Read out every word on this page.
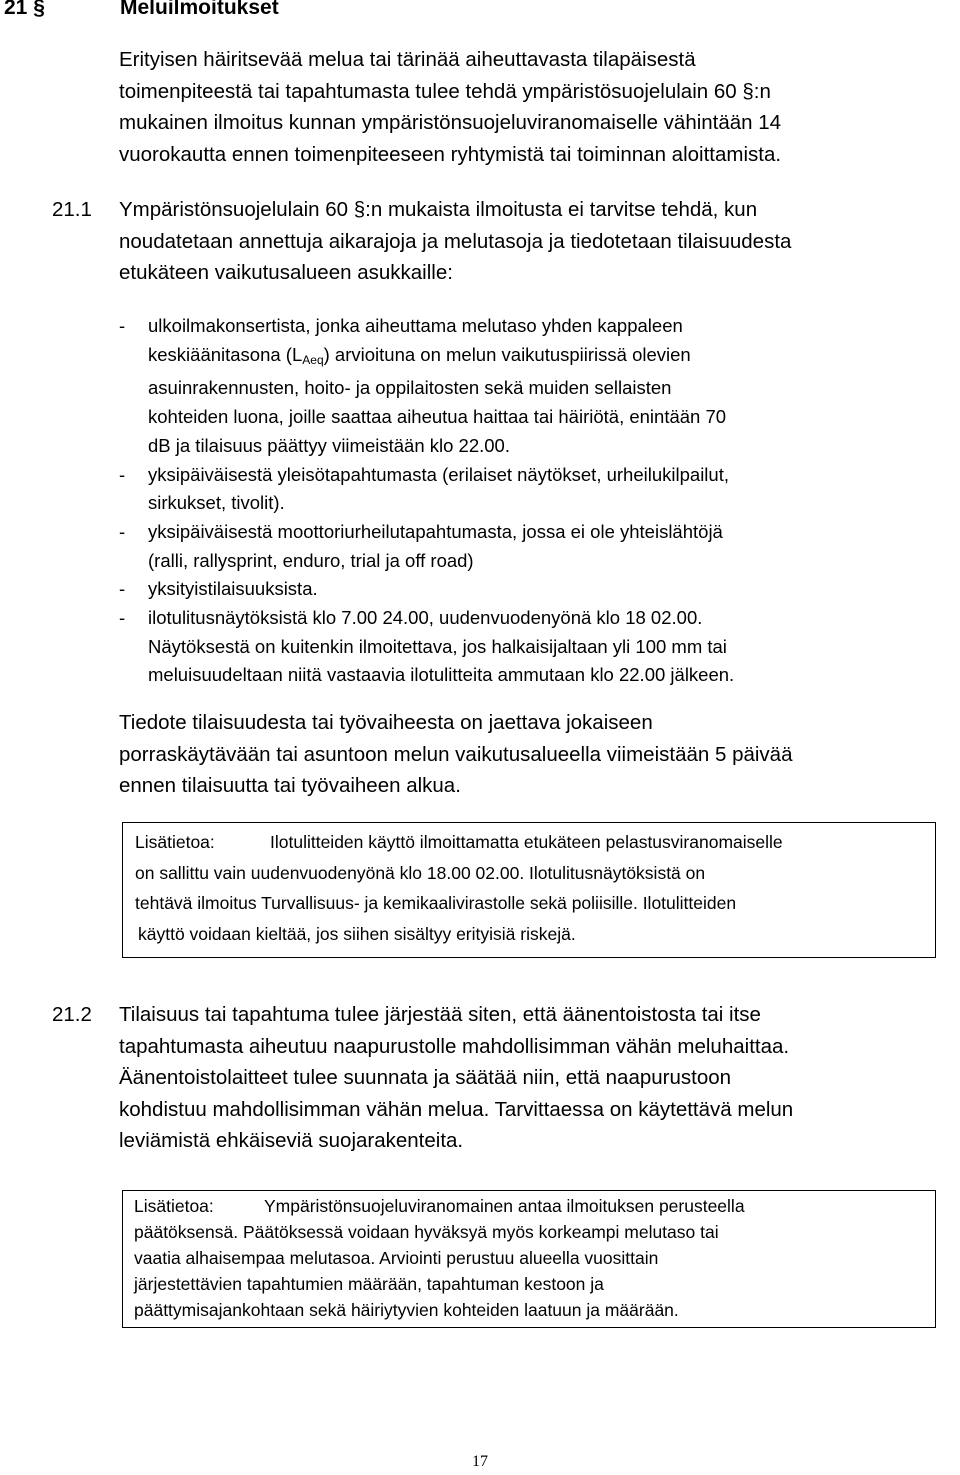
21 §	Meluilmoitukset
Erityisen häiritsevää melua tai tärinää aiheuttavasta tilapäisestä
toimenpiteestä tai tapahtumasta tulee tehdä ympäristösuojelulain 60 §:n
mukainen ilmoitus kunnan ympäristönsuojeluviranomaiselle vähintään 14
vuorokautta ennen toimenpiteeseen ryhtymistä tai toiminnan aloittamista.
21.1 Ympäristönsuojelulain 60 §:n mukaista ilmoitusta ei tarvitse tehdä, kun
noudatetaan annettuja aikarajoja ja melutasoja ja tiedotetaan tilaisuudesta
etukäteen vaikutusalueen asukkaille:
- ulkoilmakonsertista, jonka aiheuttama melutaso yhden kappaleen
keskiäänitasona $(L_{Aeq})$ arvioituna on melun vaikutuspiirissä olevien
asuinrakennusten, hoito- ja oppilaitosten sekä muiden sellaisten
kohteiden luona, joille saattaa aiheutua haittaa tai häiriötä, enintään 70
dB ja tilaisuus päättyy viimeistään klo 22.00.
- yksipäiväisestä yleisötapahtumasta (erilaiset näytökset, urheilukilpailut,
sirkukset, tivolit).
- yksipäiväisestä moottoriurheilutapahtumasta, jossa ei ole yhteislähtöjä
(ralli, rallysprint, enduro, trial ja off road)
- yksityistilaisuuksista.
- ilotulitusnäytöksistä klo 7.00 24.00, uudenvuodenyönä klo 18 02.00.
Näytöksestä on kuitenkin ilmoitettava, jos halkaisijaltaan yli 100 mm tai
meluisuudeltaan niitä vastaavia ilotulitteita ammutaan klo 22.00 jälkeen.
Tiedote tilaisuudesta tai työvaiheesta on jaettava jokaiseen
porraskäytävään tai asuntoon melun vaikutusalueella viimeistään 5 päivää
ennen tilaisuutta tai työvaiheen alkua.
Lisätietoa:	Ilotulitteiden käyttö ilmoittamatta etukäteen pelastusviranomaiselle
on sallittu vain uudenvuodenyönä klo 18.00 02.00. Ilotulitusnäytöksistä on
tehtävä ilmoitus Turvallisuus- ja kemikaalivirastolle sekä poliisille. Ilotulitteiden
käyttö voidaan kieltää, jos siihen sisältyy erityisiä riskejä.
21.2 Tilaisuus tai tapahtuma tulee järjestää siten, että äänentoistosta tai itse
tapahtumasta aiheutuu naapurustolle mahdollisimman vähän meluhaittaa.
Äänentoistolaitteet tulee suunnata ja säätää niin, että naapurustoon
kohdistuu mahdollisimman vähän melua. Tarvittaessa on käytettävä melun
leviämistä ehkäiseviä suojarakenteita.
Lisätietoa:	Ympäristönsuojeluviranomainen antaa ilmoituksen perusteella
päätöksensä. Päätöksessä voidaan hyväksyä myös korkeampi melutaso tai
vaatia alhaisempaa melutasoa. Arviointi perustuu alueella vuosittain
järjestettävien tapahtumien määrään, tapahtuman kestoon ja
päättymisajankohtaan sekä häiriytyvien kohteiden laatuun ja määrään.
17
